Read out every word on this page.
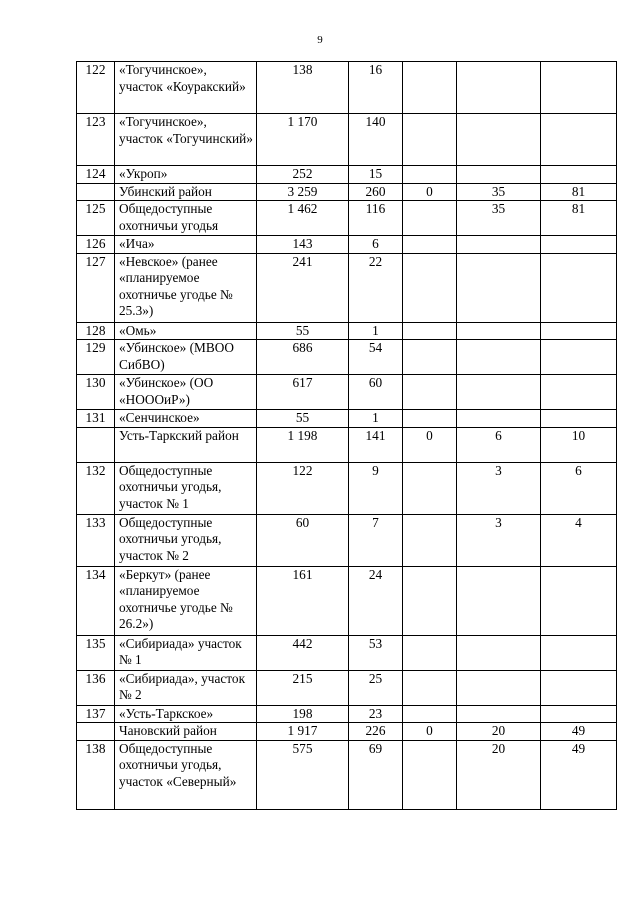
9
122	«Тогучинское», участок «Коуракский»	138	16			
123	«Тогучинское», участок «Тогучинский»	1 170	140			
124	«Укроп»	252	15			
	Убинский район	3 259	260	0	35	81
125	Общедоступные охотничьи угодья	1 462	116		35	81
126	«Ича»	143	6			
127	«Невское» (ранее «планируемое охотничье угодье № 25.3»)	241	22			
128	«Омь»	55	1			
129	«Убинское» (МВОО СибВО)	686	54			
130	«Убинское» (ОО «НОООиР»)	617	60			
131	«Сенчинское»	55	1			
	Усть-Таркский район	1 198	141	0	6	10
132	Общедоступные охотничьи угодья, участок № 1	122	9		3	6
133	Общедоступные охотничьи угодья, участок № 2	60	7		3	4
134	«Беркут» (ранее «планируемое охотничье угодье № 26.2»)	161	24			
135	«Сибириада» участок № 1	442	53			
136	«Сибириада», участок № 2	215	25			
137	«Усть-Таркское»	198	23			
	Чановский район	1 917	226	0	20	49
138	Общедоступные охотничьи угодья, участок «Северный»	575	69		20	49
